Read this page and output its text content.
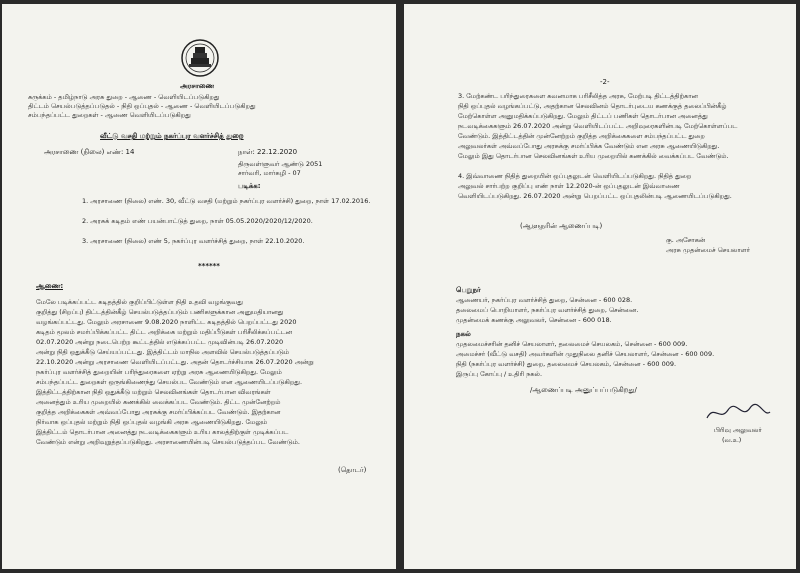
அரசாணை
சுருக்கம் - தமிழ்நாடு அரசு துறை - ஆணை - வெளியிடப்படுகிறது
திட்டம் செயல்படுத்தப்படுதல் - நிதி ஒப்புதல் - ஆணை - வெளியிடப்படுகிறது
சம்பந்தப்பட்ட துறைகள் - ஆணை வெளியிடப்படுகிறது
வீட்டு வசதி மற்றும் நகர்ப்புர வளர்ச்சித் துறை
அரசாணை (நிலை) எண்: 14	நாள்: 22.12.2020
திருவள்ளுவர் ஆண்டு 2051
சார்வரி, மார்கழி - 07
படிக்க:
1. அரசாணை (நிலை) எண். 30, வீட்டு வசதி (மற்றும் நகர்ப்புர வளர்ச்சி) துறை, நாள் 17.02.2016.
2. அரசுக் கடிதம் எண் பயன்பாட்டுத் துறை, நாள் 05.05.2020/2020/12/2020.
3. அரசாணை (நிலை) எண் 5, நகர்ப்புர வளர்ச்சித் துறை, நாள் 22.10.2020.
******
ஆணை:
மேலே படிக்கப்பட்ட கடிதத்தில் குறிப்பிட்டுள்ள நிதி உதவி வழங்குவது
குறித்து (சிறப்பு) திட்டத்தின்கீழ் செயல்படுத்தப்படும் பணிகளுக்கான அனுமதியானது
வழங்கப்பட்டது. மேலும் அரசாணை 9.08.2020 நாளிட்ட கடிதத்தில் பெறப்பட்டது 2020
கடிதம் மூலம் சமர்ப்பிக்கப்பட்ட திட்ட அறிக்கை மற்றும் மதிப்பீடுகள் பரிசீலிக்கப்பட்டன
02.07.2020 அன்று நடைபெற்ற கூட்டத்தில் எடுக்கப்பட்ட முடிவின்படி 26.07.2020
அன்று நிதி ஒதுக்கீடு செய்யப்பட்டது. இத்திட்டம் மாநில அளவில் செயல்படுத்தப்படும்
22.10.2020 அன்று அரசாணை வெளியிடப்பட்டது. அதன் தொடர்ச்சியாக 26.07.2020 அன்று
நகர்ப்புர வளர்ச்சித் துறையின் பரிந்துரைகளை ஏற்று அரசு ஆணையிடுகிறது. மேலும்
சம்பந்தப்பட்ட துறைகள் ஒருங்கிணைந்து செயல்பட வேண்டும் என ஆணையிடப்படுகிறது.
இத்திட்டத்திற்கான நிதி ஒதுக்கீடு மற்றும் செலவினங்கள் தொடர்பான விவரங்கள்
அனைத்தும் உரிய முறையில் கணக்கில் வைக்கப்பட வேண்டும். திட்ட முன்னேற்றம்
குறித்த அறிக்கைகள் அவ்வப்போது அரசுக்கு சமர்ப்பிக்கப்பட வேண்டும். இதற்கான
நிர்வாக ஒப்புதல் மற்றும் நிதி ஒப்புதல் வழங்கி அரசு ஆணையிடுகிறது. மேலும்
இத்திட்டம் தொடர்பான அனைத்து நடவடிக்கைகளும் உரிய காலத்திற்குள் முடிக்கப்பட
வேண்டும் என்று அறிவுறுத்தப்படுகிறது. அரசாணையின்படி செயல்படுத்தப்பட வேண்டும்.
(தொடர்)
-2-
3. மேற்கண்ட பரிந்துரைகளை கவனமாக பரிசீலித்த அரசு, மேற்படி திட்டத்திற்கான
நிதி ஒப்புதல் வழங்கப்பட்டு, அதற்கான செலவினம் தொடர்புடைய கணக்குத் தலைப்பின்கீழ்
மேற்கொள்ள அனுமதிக்கப்படுகிறது. மேலும் திட்டப் பணிகள் தொடர்பான அனைத்து
நடவடிக்கைகளும் 26.07.2020 அன்று வெளியிடப்பட்ட அறிவுரைகளின்படி மேற்கொள்ளப்பட
வேண்டும். இத்திட்டத்தின் முன்னேற்றம் குறித்த அறிக்கைகளை சம்பந்தப்பட்ட துறை
அலுவலர்கள் அவ்வப்போது அரசுக்கு சமர்ப்பிக்க வேண்டும் என அரசு ஆணையிடுகிறது.
மேலும் இது தொடர்பான செலவினங்கள் உரிய முறையில் கணக்கில் வைக்கப்பட வேண்டும்.
4. இவ்வாணை நிதித் துறையின் ஒப்புதலுடன் வெளியிடப்படுகிறது. நிதித் துறை
அலுவல் சார்பற்ற குறிப்பு எண் நாள் 12.2020-ன் ஒப்புதலுடன் இவ்வாணை
வெளியிடப்படுகிறது. 26.07.2020 அன்று பெறப்பட்ட ஒப்புதலின்படி ஆணையிடப்படுகிறது.
(ஆளுநரின் ஆணைப்படி)
கு. அசோகன்
அரசு முதன்மைச் செயலாளர்
பெறுநர்
ஆணையர், நகர்ப்புர வளர்ச்சித் துறை, சென்னை - 600 028.
தலைமைப் பொறியாளர், நகர்ப்புர வளர்ச்சித் துறை, சென்னை.
முதன்மைக் கணக்கு அலுவலர், சென்னை - 600 018.
நகல்
முதலமைச்சரின் தனிச் செயலாளர், தலைமைச் செயலகம், சென்னை - 600 009.
அமைச்சர் (வீட்டு வசதி) அவர்களின் முதுநிலை தனிச் செயலாளர், சென்னை - 600 009.
நிதி (நகர்ப்புர வளர்ச்சி) துறை, தலைமைச் செயலகம், சென்னை - 600 009.
இருப்பு கோப்பு / உதிரி நகல்.
/ஆணைப்படி அனுப்பப்படுகிறது/
பிரிவு அலுவலர்
(வ.உ)
